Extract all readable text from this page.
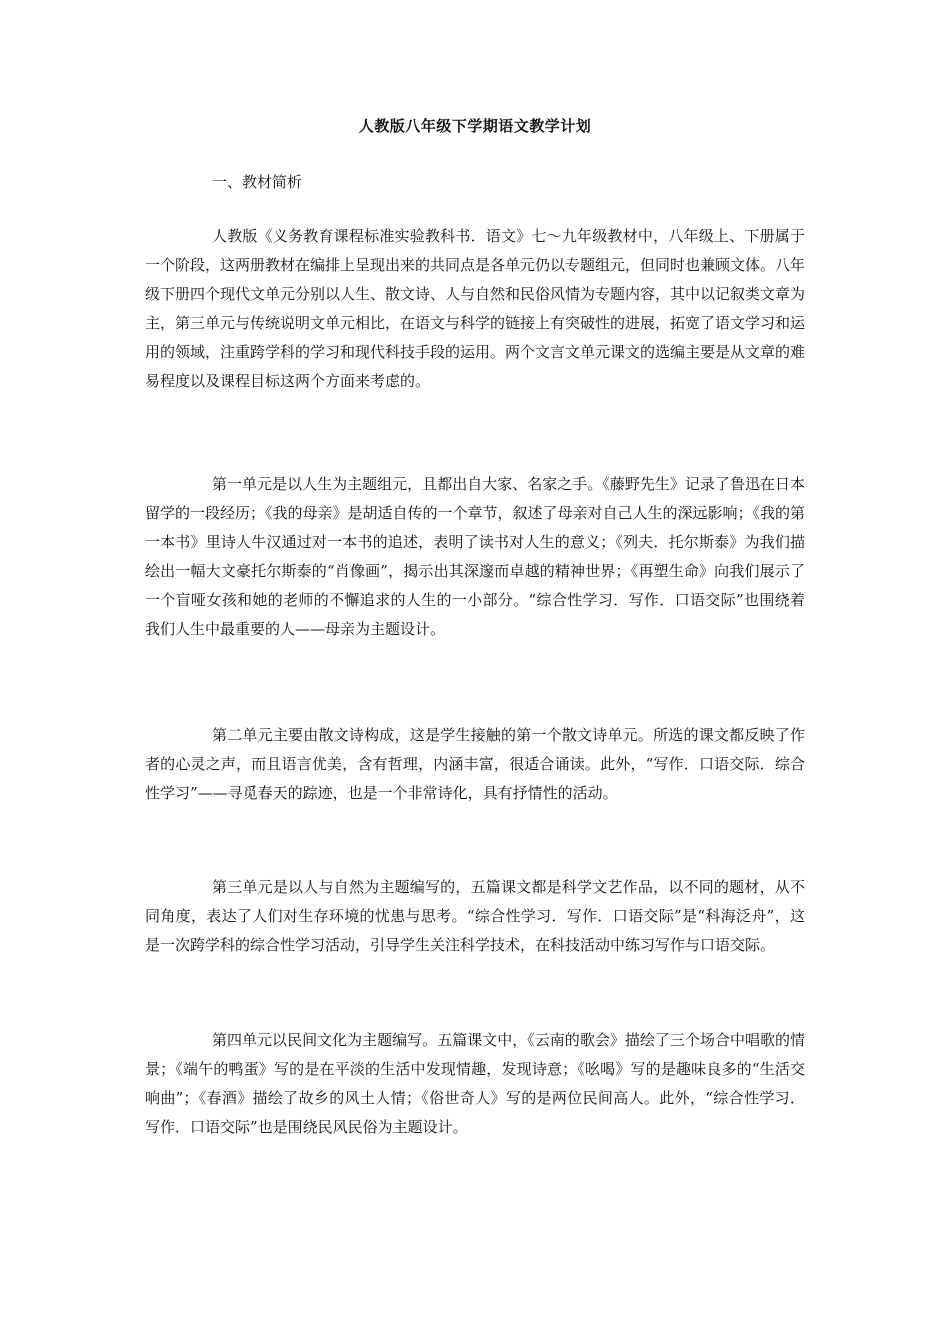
人教版八年级下学期语文教学计划
一、教材简析

人教版《义务教育课程标准实验教科书．语文》七～九年级教材中，八年级上、下册属于一个阶段，这两册教材在编排上呈现出来的共同点是各单元仍以专题组元，但同时也兼顾文体。八年级下册四个现代文单元分别以人生、散文诗、人与自然和民俗风情为专题内容，其中以记叙类文章为主，第三单元与传统说明文单元相比，在语文与科学的链接上有突破性的进展，拓宽了语文学习和运用的领域，注重跨学科的学习和现代科技手段的运用。两个文言文单元课文的选编主要是从文章的难易程度以及课程目标这两个方面来考虑的。

第一单元是以人生为主题组元，且都出自大家、名家之手。《藤野先生》记录了鲁迅在日本留学的一段经历；《我的母亲》是胡适自传的一个章节，叙述了母亲对自己人生的深远影响；《我的第一本书》里诗人牛汉通过对一本书的追述，表明了读书对人生的意义；《列夫．托尔斯泰》为我们描绘出一幅大文豪托尔斯泰的“肖像画”，揭示出其深邃而卓越的精神世界；《再塑生命》向我们展示了一个盲哑女孩和她的老师的不懈追求的人生的一小部分。“综合性学习．写作．口语交际”也围绕着我们人生中最重要的人——母亲为主题设计。

第二单元主要由散文诗构成，这是学生接触的第一个散文诗单元。所选的课文都反映了作者的心灵之声，而且语言优美，含有哲理，内涵丰富，很适合诵读。此外，“写作．口语交际．综合性学习”——寻觅春天的踪迹，也是一个非常诗化，具有抒情性的活动。

第三单元是以人与自然为主题编写的，五篇课文都是科学文艺作品，以不同的题材，从不同角度，表达了人们对生存环境的忧患与思考。“综合性学习．写作．口语交际”是“科海泛舟”，这是一次跨学科的综合性学习活动，引导学生关注科学技术，在科技活动中练习写作与口语交际。

第四单元以民间文化为主题编写。五篇课文中，《云南的歌会》描绘了三个场合中唱歌的情景；《端午的鸭蛋》写的是在平淡的生活中发现情趣，发现诗意；《吆喝》写的是趣味良多的“生活交响曲”；《春酒》描绘了故乡的风土人情；《俗世奇人》写的是两位民间高人。此外，“综合性学习．写作．口语交际”也是围绕民风民俗为主题设计。
